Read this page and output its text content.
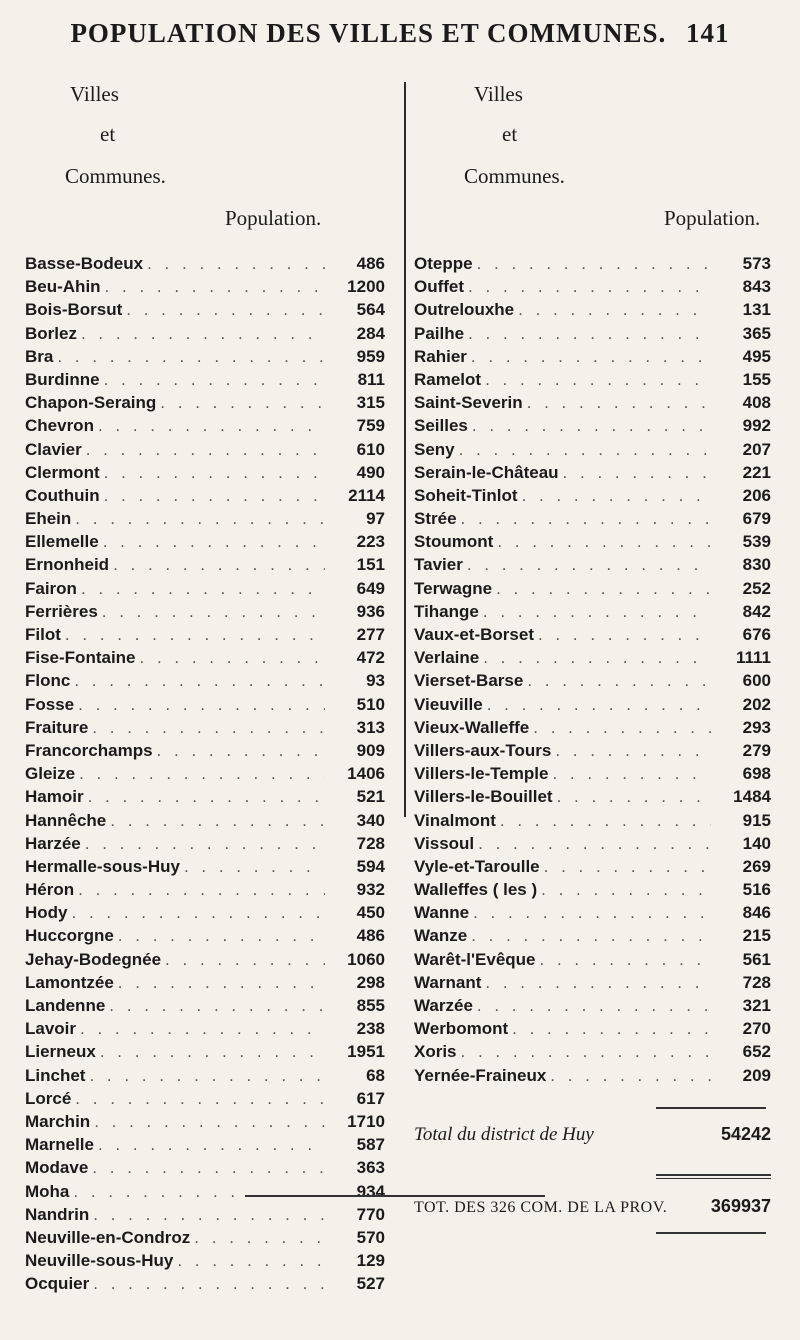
POPULATION DES VILLES ET COMMUNES. 141
Villes
et
Communes.
Population.
Basse-Bodeux . . .	486
Beu-Ahin . . .	1200
Bois-Borsut . . .	564
Borlez . . .	284
Bra . . .	959
Burdinne . . .	811
Chapon-Seraing . . .	315
Chevron . . .	759
Clavier . . .	610
Clermont . . .	490
Couthuin . . .	2114
Ehein . . .	97
Ellemelle . . .	223
Ernonheid . . .	151
Fairon . . .	649
Ferrières . . .	936
Filot . . .	277
Fise-Fontaine . . .	472
Flonc . . .	93
Fosse . . .	510
Fraiture . . .	313
Francorchamps . . .	909
Gleize . . .	1406
Hamoir . . .	521
Hannêche . . .	340
Harzée . . .	728
Hermalle-sous-Huy . . .	594
Héron . . .	932
Hody . . .	450
Huccorgne . . .	486
Jehay-Bodegnée . . .	1060
Lamontzée . . .	298
Landenne . . .	855
Lavoir . . .	238
Lierneux . . .	1951
Linchet . . .	68
Lorcé . . .	617
Marchin . . .	1710
Marnelle . . .	587
Modave . . .	363
Moha . . .	934
Nandrin . . .	770
Neuville-en-Condroz . . .	570
Neuville-sous-Huy . . .	129
Ocquier . . .	527
Villes
et
Communes.
Population.
Oteppe . . .	573
Ouffet . . .	843
Outrelouxhe . . .	131
Pailhe . . .	365
Rahier . . .	495
Ramelot . . .	155
Saint-Severin . . .	408
Seilles . . .	992
Seny . . .	207
Serain-le-Château . . .	221
Soheit-Tinlot . . .	206
Strée . . .	679
Stoumont . . .	539
Tavier . . .	830
Terwagne . . .	252
Tihange . . .	842
Vaux-et-Borset . . .	676
Verlaine . . .	1111
Vierset-Barse . . .	600
Vieuville . . .	202
Vieux-Walleffe . . .	293
Villers-aux-Tours . . .	279
Villers-le-Temple . . .	698
Villers-le-Bouillet . . .	1484
Vinalmont . . .	915
Vissoul . . .	140
Vyle-et-Taroulle . . .	269
Walleffes ( les ) . . .	516
Wanne . . .	846
Wanze . . .	215
Warêt-l'Evêque . . .	561
Warnant . . .	728
Warzée . . .	321
Werbomont . . .	270
Xoris . . .	652
Yernée-Fraineux . . .	209
Total du district de Huy	54242
TOT. DES 326 COM. DE LA PROV. 369937
